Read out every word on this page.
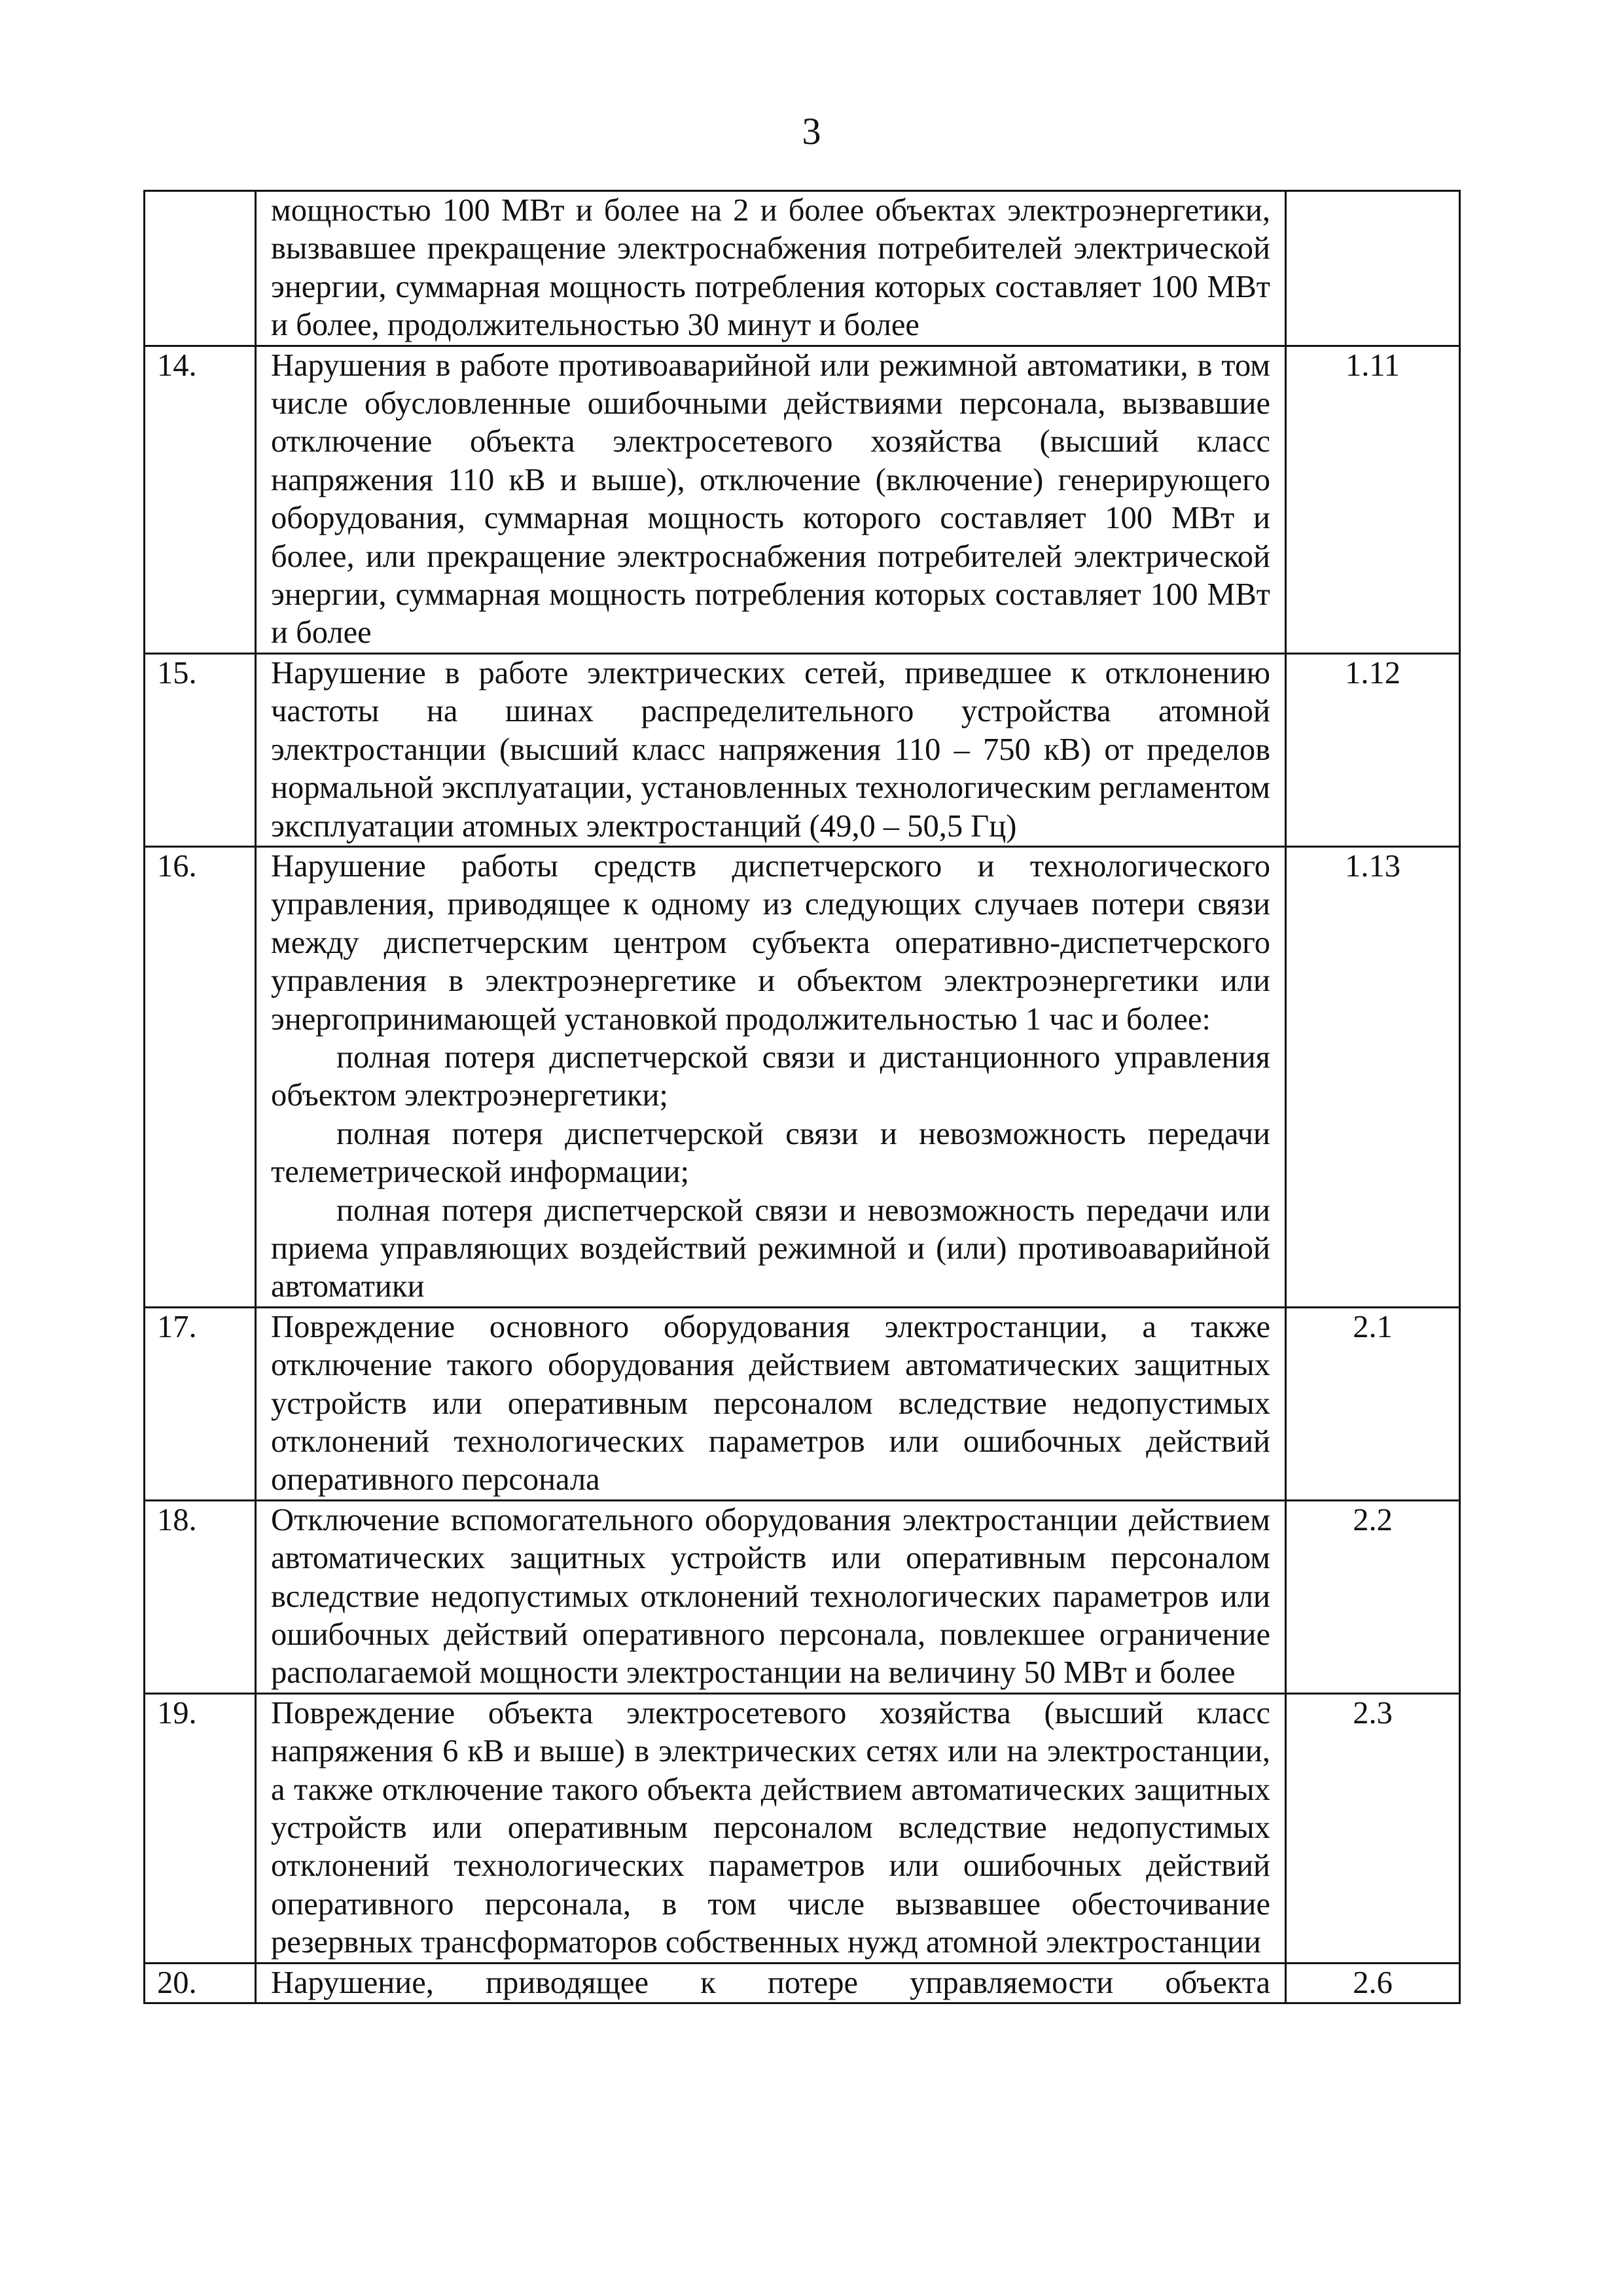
3

	мощностью 100 МВт и более на 2 и более объектах электроэнергетики, вызвавшее прекращение электроснабжения потребителей электрической энергии, суммарная мощность потребления которых составляет 100 МВт и более, продолжительностью 30 минут и более	

14.	Нарушения в работе противоаварийной или режимной автоматики, в том числе обусловленные ошибочными действиями персонала, вызвавшие отключение объекта электросетевого хозяйства (высший класс напряжения 110 кВ и выше), отключение (включение) генерирующего оборудования, суммарная мощность которого составляет 100 МВт и более, или прекращение электроснабжения потребителей электрической энергии, суммарная мощность потребления которых составляет 100 МВт и более	1.11
15.	Нарушение в работе электрических сетей, приведшее к отклонению частоты на шинах распределительного устройства атомной электростанции (высший класс напряжения 110 – 750 кВ) от пределов нормальной эксплуатации, установленных технологическим регламентом эксплуатации атомных электростанций (49,0 – 50,5 Гц)	1.12
16.	Нарушение работы средств диспетчерского и технологического управления, приводящее к одному из следующих случаев потери связи между диспетчерским центром субъекта оперативно-диспетчерского управления в электроэнергетике и объектом электроэнергетики или энергопринимающей установкой продолжительностью 1 час и более:

полная потеря диспетчерской связи и дистанционного управления объектом электроэнергетики;

полная потеря диспетчерской связи и невозможность передачи телеметрической информации;

полная потеря диспетчерской связи и невозможность передачи или приема управляющих воздействий режимной и (или) противоаварийной автоматики	1.13
17.	Повреждение основного оборудования электростанции, а также отключение такого оборудования действием автоматических защитных устройств или оперативным персоналом вследствие недопустимых отклонений технологических параметров или ошибочных действий оперативного персонала	2.1
18.	Отключение вспомогательного оборудования электростанции действием автоматических защитных устройств или оперативным персоналом вследствие недопустимых отклонений технологических параметров или ошибочных действий оперативного персонала, повлекшее ограничение располагаемой мощности электростанции на величину 50 МВт и более	2.2
19.	Повреждение объекта электросетевого хозяйства (высший класс напряжения 6 кВ и выше) в электрических сетях или на электростанции, а также отключение такого объекта действием автоматических защитных устройств или оперативным персоналом вследствие недопустимых отклонений технологических параметров или ошибочных действий оперативного персонала, в том числе вызвавшее обесточивание резервных трансформаторов собственных нужд атомной электростанции	2.3
20.	Нарушение, приводящее к потере управляемости объекта	2.6
